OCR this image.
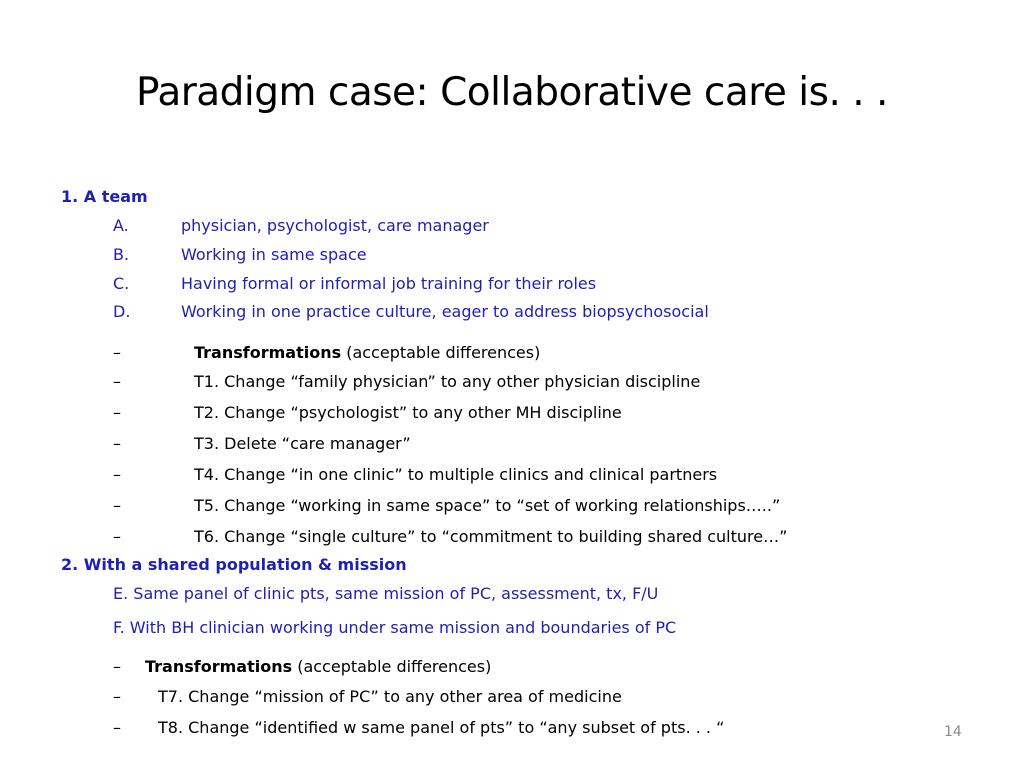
Paradigm case: Collaborative care is. . .
1. A team
A.	physician, psychologist, care manager
B.	Working in same space
C.	Having formal or informal job training for their roles
D.	Working in one practice culture, eager to address biopsychosocial
–	Transformations (acceptable differences)
–	T1. Change “family physician” to any other physician discipline
–	T2. Change “psychologist” to any other MH discipline
–	T3. Delete “care manager”
–	T4. Change “in one clinic” to multiple clinics and clinical partners
–	T5. Change “working in same space” to “set of working relationships…..”
–	T6. Change “single culture” to “commitment to building shared culture…”
2. With a shared population & mission
E. Same panel of clinic pts, same mission of PC, assessment, tx, F/U
F. With BH clinician working under same mission and boundaries of PC
– Transformations (acceptable differences)
– T7. Change “mission of PC” to any other area of medicine
– T8. Change “identified w same panel of pts” to “any subset of pts. . . “	14
